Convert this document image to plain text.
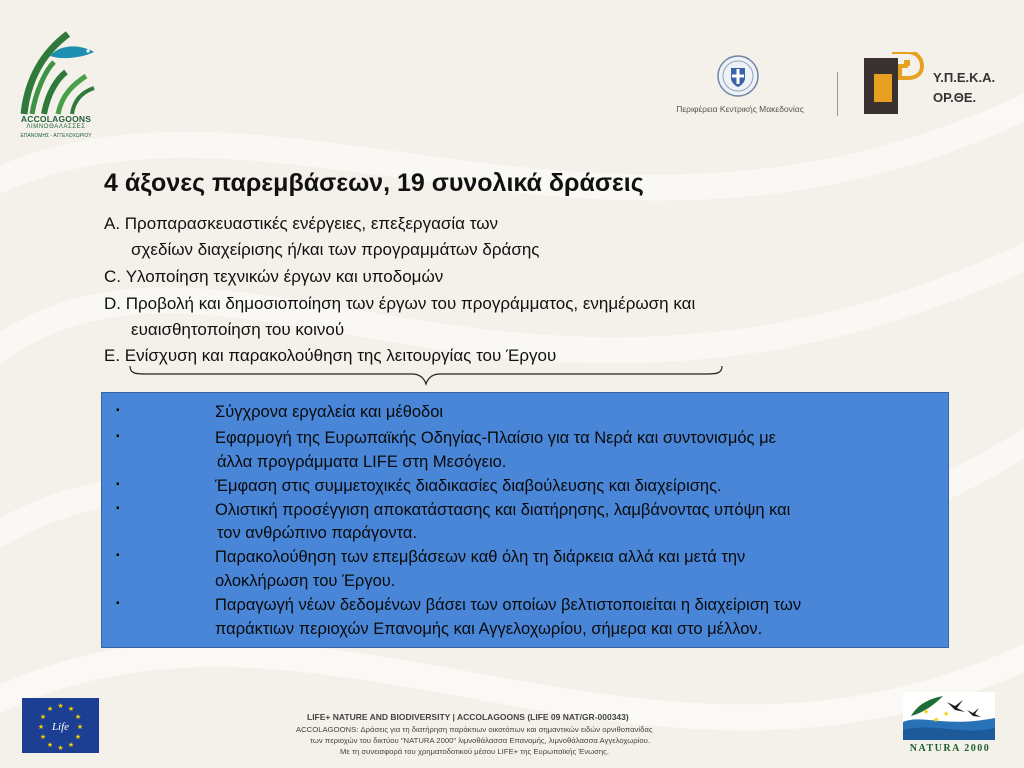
ACCOLAGOONS
ΛΙΜΝΟΘΑΛΑΣΣΕΣ
ΕΠΑΝΟΜΗΣ - ΑΓΓΕΛΟΧΩΡΙΟΥ
Περιφέρεια Κεντρικής Μακεδονίας
Υ.Π.Ε.Κ.Α.
ΟΡ.ΘΕ.
4 άξονες παρεμβάσεων, 19 συνολικά δράσεις
A. Προπαρασκευαστικές ενέργειες, επεξεργασία των
σχεδίων διαχείρισης ή/και των προγραμμάτων δράσης
C. Υλοποίηση τεχνικών έργων και υποδομών
D. Προβολή και δημοσιοποίηση των έργων του προγράμματος, ενημέρωση και
ευαισθητοποίηση του κοινού
E. Ενίσχυση και παρακολούθηση της λειτουργίας του Έργου
▪	Σύγχρονα εργαλεία και μέθοδοι
▪	Εφαρμογή της Ευρωπαϊκής Οδηγίας-Πλαίσιο για τα Νερά και συντονισμός με
άλλα προγράμματα LIFE στη Μεσόγειο.
▪	Έμφαση στις συμμετοχικές διαδικασίες διαβούλευσης και διαχείρισης.
▪	Ολιστική προσέγγιση αποκατάστασης και διατήρησης, λαμβάνοντας υπόψη και
τον ανθρώπινο παράγοντα.
▪	Παρακολούθηση των επεμβάσεων καθ όλη τη διάρκεια αλλά και μετά την
ολοκλήρωση του Έργου.
▪	Παραγωγή νέων δεδομένων βάσει των οποίων βελτιστοποιείται η διαχείριση των
παράκτιων περιοχών Επανομής και Αγγελοχωρίου, σήμερα και στο μέλλον.
★ ★
★
★
★
★
★
★
★
★
★
★
Life
LIFE+ NATURE AND BIODIVERSITY | ACCOLAGOONS (LIFE 09 NAT/GR-000343)
ACCOLAGOONS: Δράσεις για τη διατήρηση παράκτιων οικοτόπων και σημαντικών ειδών ορνιθοπανίδας
των περιοχών του δικτύου "NATURA 2000" λιμνοθάλασσα Επανομής, λιμνοθάλασσα Αγγελοχωρίου.
Με τη συνεισφορά του χρηματοδοτικού μέσου LIFE+ της Ευρωπαϊκής Ένωσης.
★
★
★
NATURA 2000
